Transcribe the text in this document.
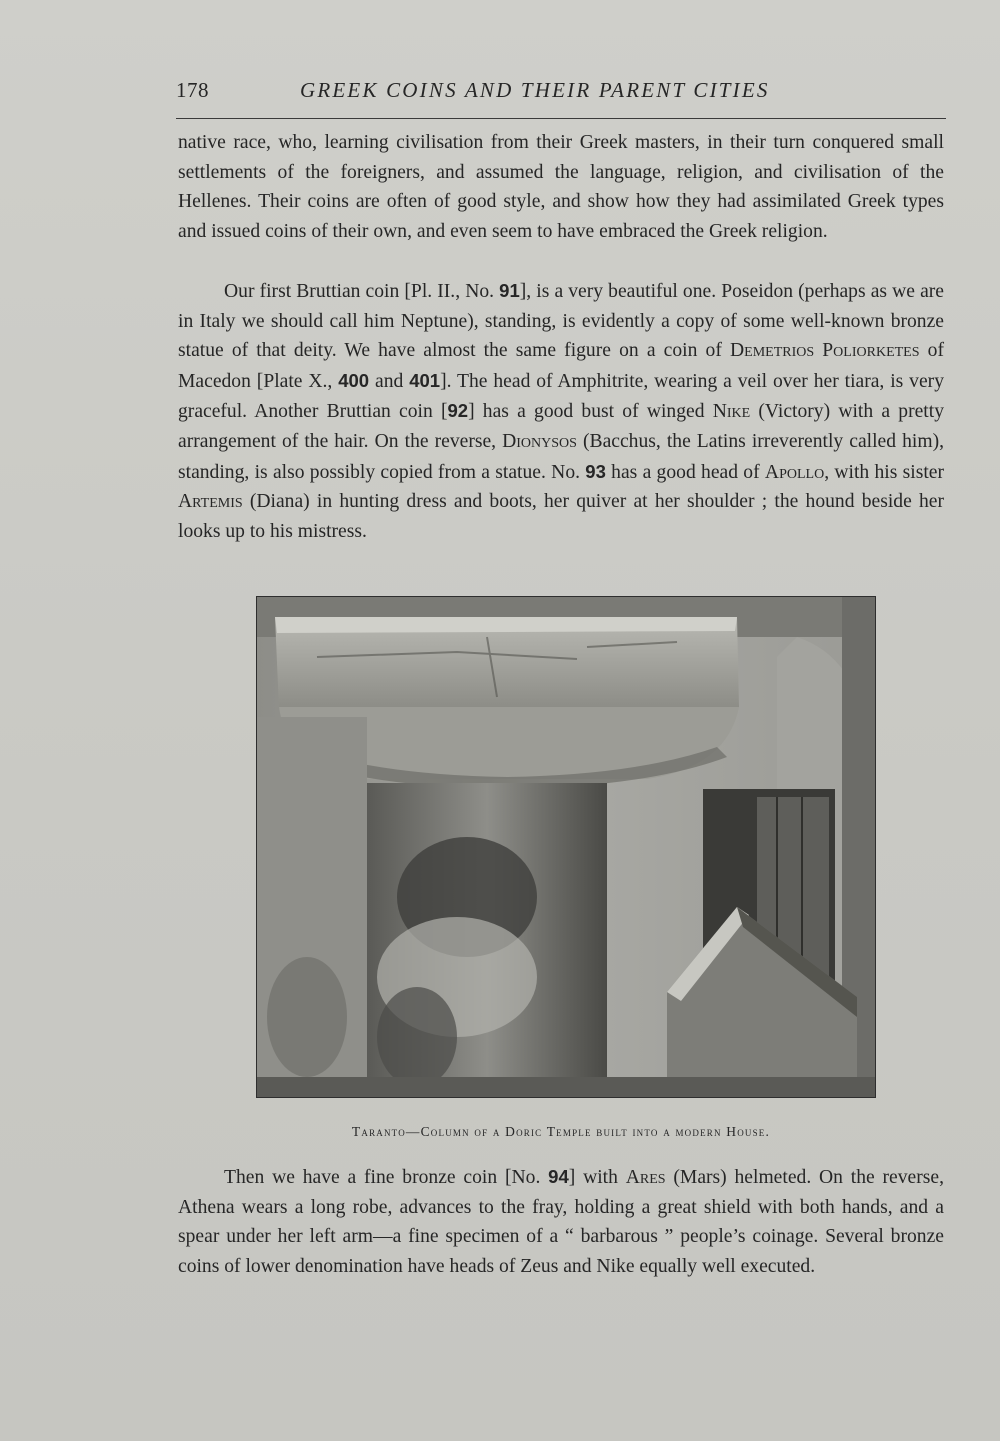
178	GREEK COINS AND THEIR PARENT CITIES

native race, who, learning civilisation from their Greek masters, in their turn conquered small settlements of the foreigners, and assumed the language, religion, and civilisation of the Hellenes. Their coins are often of good style, and show how they had assimilated Greek types and issued coins of their own, and even seem to have embraced the Greek religion.

Our first Bruttian coin [Pl. II., No. 91], is a very beautiful one. Poseidon (perhaps as we are in Italy we should call him Neptune), standing, is evidently a copy of some well-known bronze statue of that deity. We have almost the same figure on a coin of Demetrios Poliorketes of Macedon [Plate X., 400 and 401]. The head of Amphitrite, wearing a veil over her tiara, is very graceful. Another Bruttian coin [92] has a good bust of winged Nike (Victory) with a pretty arrangement of the hair. On the reverse, Dionysos (Bacchus, the Latins irreverently called him), standing, is also possibly copied from a statue. No. 93 has a good head of Apollo, with his sister Artemis (Diana) in hunting dress and boots, her quiver at her shoulder ; the hound beside her looks up to his mistress.

Taranto—Column of a Doric Temple built into a modern House.

Then we have a fine bronze coin [No. 94] with Ares (Mars) helmeted. On the reverse, Athena wears a long robe, advances to the fray, holding a great shield with both hands, and a spear under her left arm—a fine specimen of a “ barbarous ” people’s coinage. Several bronze coins of lower denomination have heads of Zeus and Nike equally well executed.
